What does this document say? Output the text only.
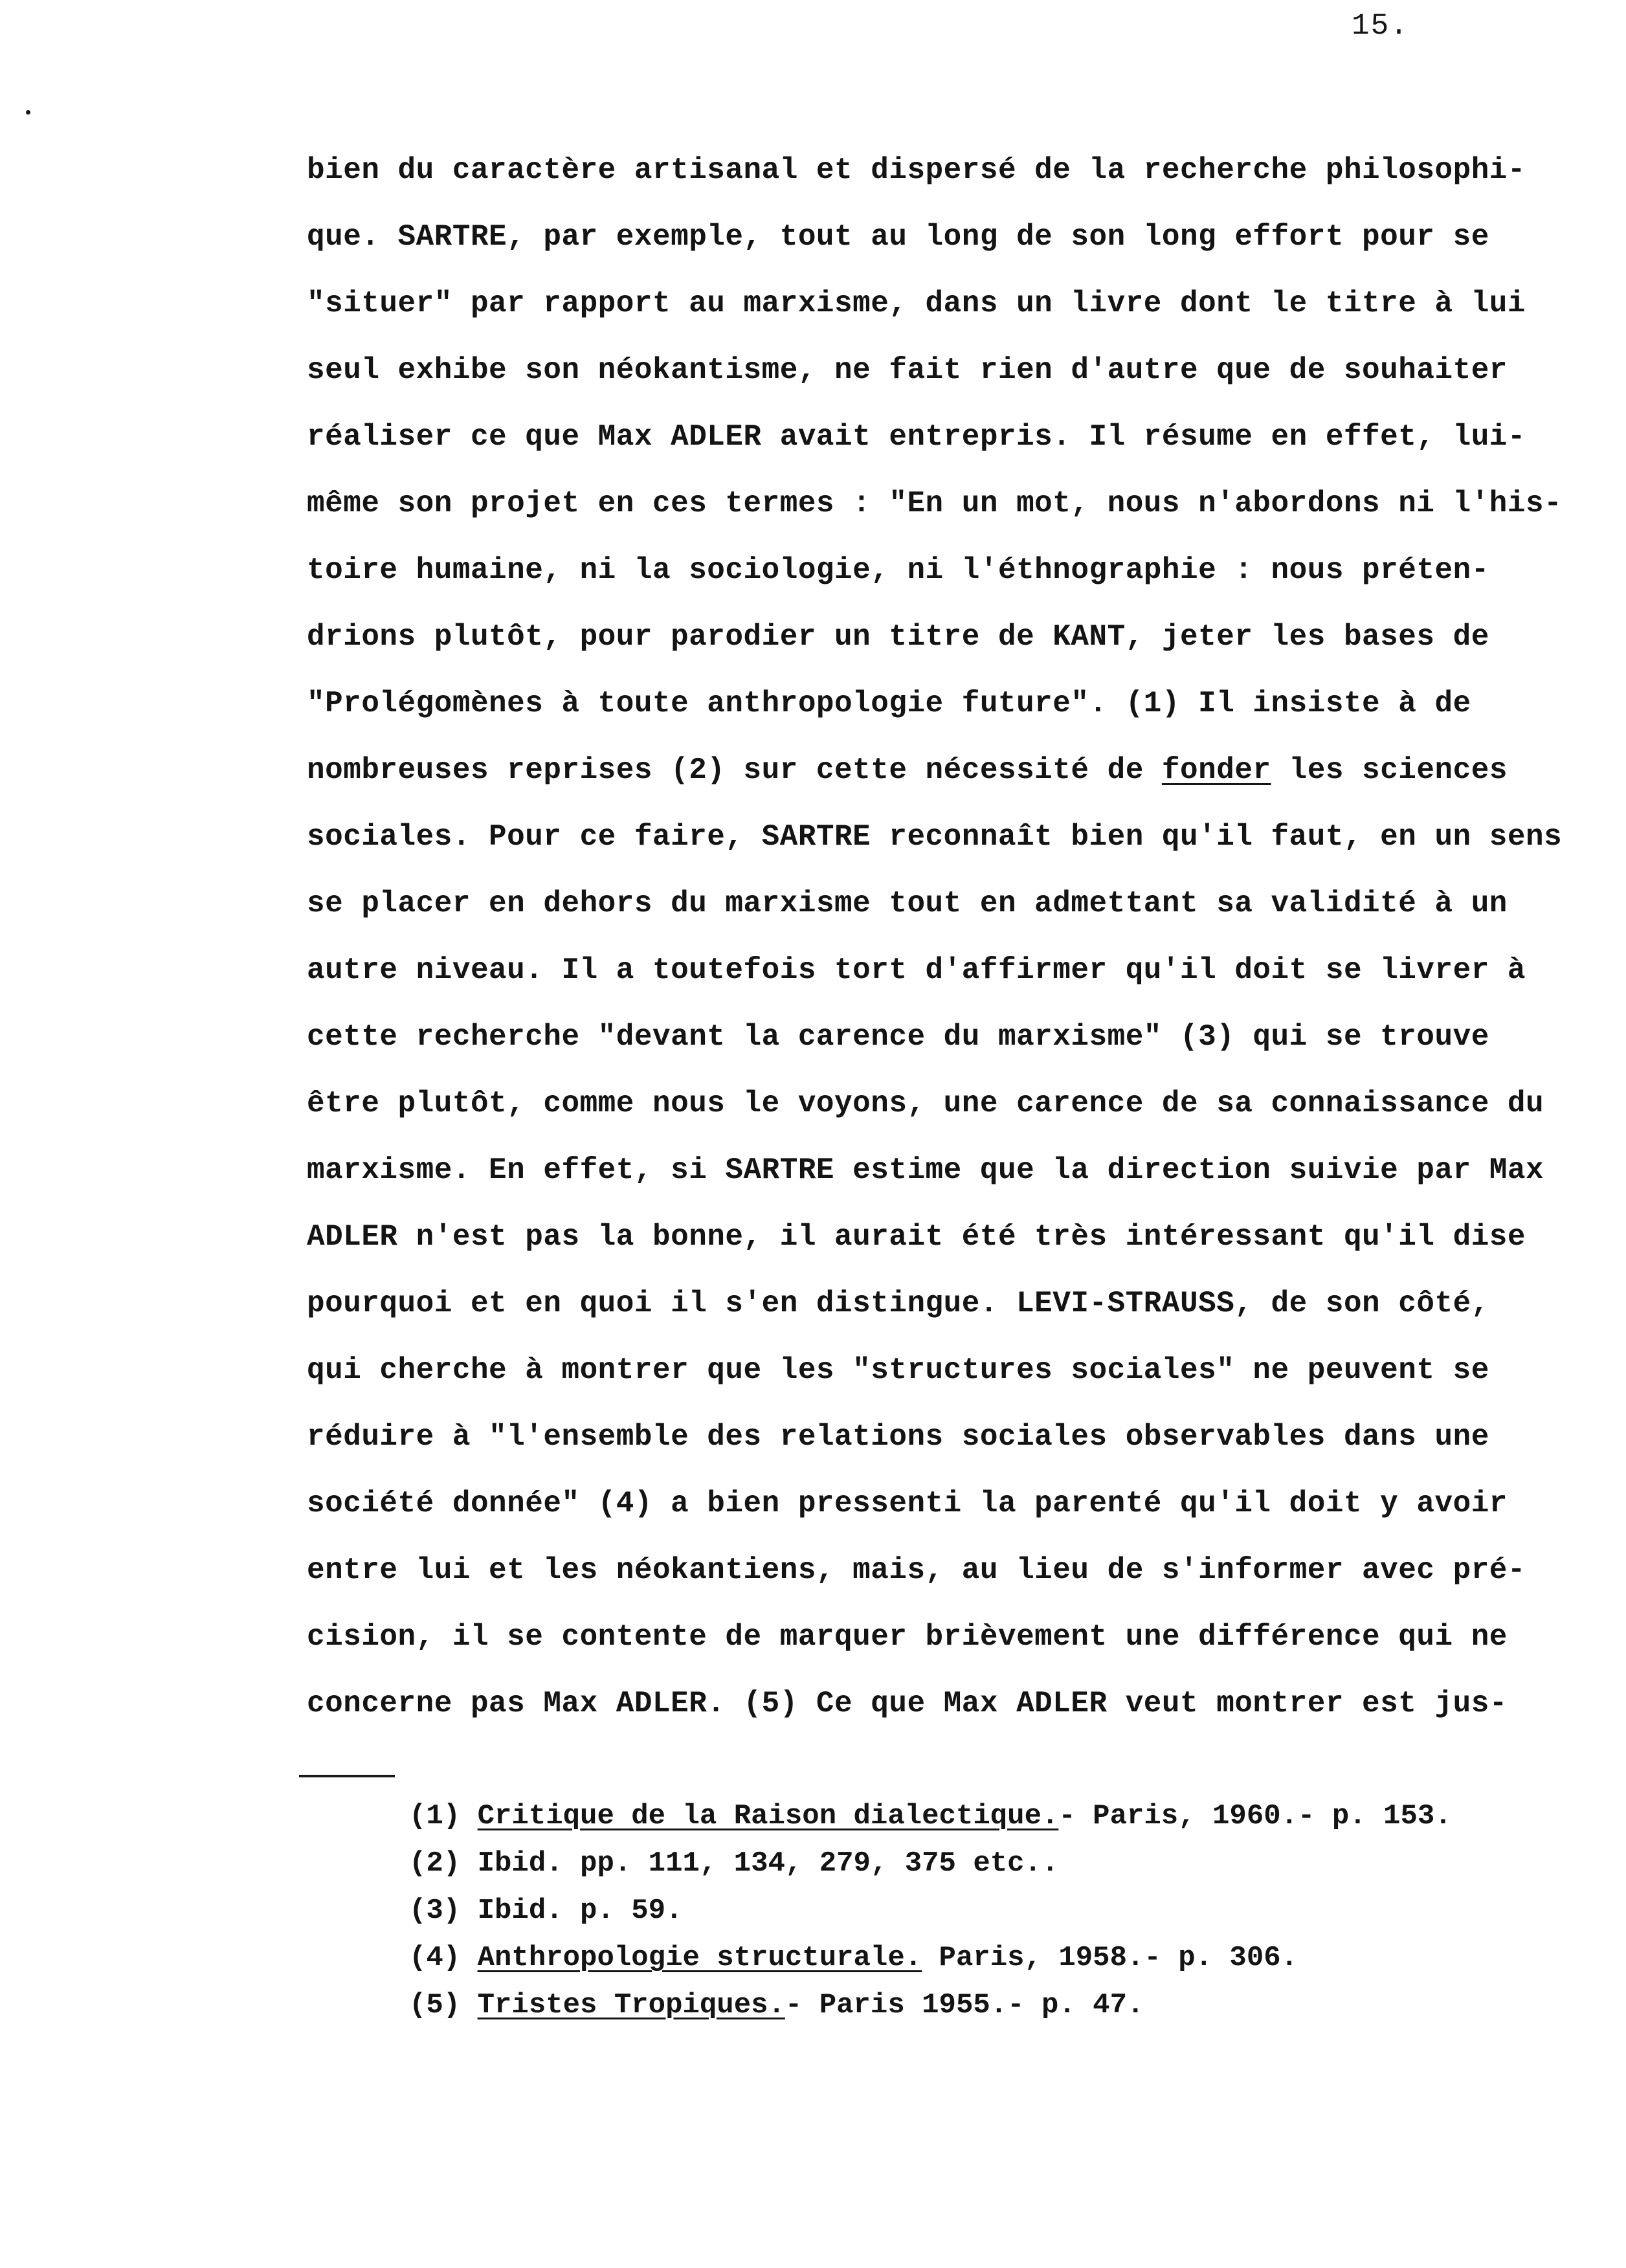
15.
bien du caractère artisanal et dispersé de la recherche philosophi-
que. SARTRE, par exemple, tout au long de son long effort pour se
"situer" par rapport au marxisme, dans un livre dont le titre à lui
seul exhibe son néokantisme, ne fait rien d'autre que de souhaiter
réaliser ce que Max ADLER avait entrepris. Il résume en effet, lui-
même son projet en ces termes : "En un mot, nous n'abordons ni l'his-
toire humaine, ni la sociologie, ni l'éthnographie : nous préten-
drions plutôt, pour parodier un titre de KANT, jeter les bases de
"Prolégomènes à toute anthropologie future". (1) Il insiste à de
nombreuses reprises (2) sur cette nécessité de fonder les sciences
sociales. Pour ce faire, SARTRE reconnaît bien qu'il faut, en un sens
se placer en dehors du marxisme tout en admettant sa validité à un
autre niveau. Il a toutefois tort d'affirmer qu'il doit se livrer à
cette recherche "devant la carence du marxisme" (3) qui se trouve
être plutôt, comme nous le voyons, une carence de sa connaissance du
marxisme. En effet, si SARTRE estime que la direction suivie par Max
ADLER n'est pas la bonne, il aurait été très intéressant qu'il dise
pourquoi et en quoi il s'en distingue. LEVI-STRAUSS, de son côté,
qui cherche à montrer que les "structures sociales" ne peuvent se
réduire à "l'ensemble des relations sociales observables dans une
société donnée" (4) a bien pressenti la parenté qu'il doit y avoir
entre lui et les néokantiens, mais, au lieu de s'informer avec pré-
cision, il se contente de marquer brièvement une différence qui ne
concerne pas Max ADLER. (5) Ce que Max ADLER veut montrer est jus-
(1) Critique de la Raison dialectique.- Paris, 1960.- p. 153.
(2) Ibid. pp. 111, 134, 279, 375 etc..
(3) Ibid. p. 59.
(4) Anthropologie structurale. Paris, 1958.- p. 306.
(5) Tristes Tropiques.- Paris 1955.- p. 47.
